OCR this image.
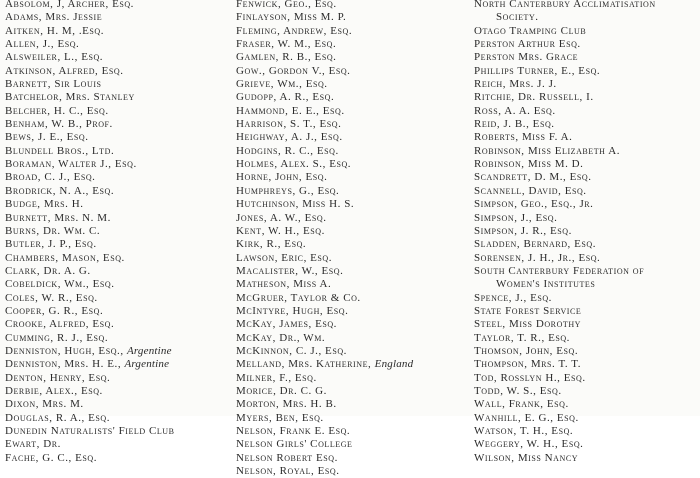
Absolom, J, Archer, Esq.
Adams, Mrs. Jessie
Aitken, H. M, .Esq.
Allen, J., Esq.
Alsweiler, L., Esq.
Atkinson, Alfred, Esq.
Barnett, Sir Louis
Batchelor, Mrs. Stanley
Belcher, H. C., Esq.
Benham, W. B., Prof.
Bews, J. E., Esq.
Blundell Bros., Ltd.
Boraman, Walter J., Esq.
Broad, C. J., Esq.
Brodrick, N. A., Esq.
Budge, Mrs. H.
Burnett, Mrs. N. M.
Burns, Dr. Wm. C.
Butler, J. P., Esq.
Chambers, Mason, Esq.
Clark, Dr. A. G.
Cobeldick, Wm., Esq.
Coles, W. R., Esq.
Cooper, G. R., Esq.
Crooke, Alfred, Esq.
Cumming, R. J., Esq.
Denniston, Hugh, Esq., Argentine
Denniston, Mrs. H. E., Argentine
Denton, Henry, Esq.
Derbie, Alex., Esq.
Dixon, Mrs. M.
Douglas, R. A., Esq.
Dunedin Naturalists' Field Club
Ewart, Dr.
Fache, G. C., Esq.
Fenwick, Geo., Esq.
Finlayson, Miss M. P.
Fleming, Andrew, Esq.
Fraser, W. M., Esq.
Gamlen, R. B., Esq.
Gow., Gordon V., Esq.
Grieve, Wm., Esq.
Gudopp, A. R., Esq.
Hammond, E. E., Esq.
Harrison, S. T., Esq.
Heighway, A. J., Esq.
Hodgins, R. C., Esq.
Holmes, Alex. S., Esq.
Horne, John, Esq.
Humphreys, G., Esq.
Hutchinson, Miss H. S.
Jones, A. W., Esq.
Kent, W. H., Esq.
Kirk, R., Esq.
Lawson, Eric, Esq.
Macalister, W., Esq.
Matheson, Miss A.
McGruer, Taylor & Co.
McIntyre, Hugh, Esq.
McKay, James, Esq.
McKay, Dr., Wm.
McKinnon, C. J., Esq.
Melland, Mrs. Katherine, England
Milner, F., Esq.
Morice, Dr. C. G.
Morton, Mrs. H. B.
Myers, Ben, Esq.
Nelson, Frank E. Esq.
Nelson Girls' College
Nelson Robert Esq.
Nelson, Royal, Esq.
North Canterbury Acclimatisation
Society.
Otago Tramping Club
Perston Arthur Esq.
Perston Mrs. Grace
Phillips Turner, E., Esq.
Reich, Mrs. J. J.
Ritchie, Dr. Russell, I.
Ross, A. A. Esq.
Reid, J. B., Esq.
Roberts, Miss F. A.
Robinson, Miss Elizabeth A.
Robinson, Miss M. D.
Scandrett, D. M., Esq.
Scannell, David, Esq.
Simpson, Geo., Esq., Jr.
Simpson, J., Esq.
Simpson, J. R., Esq.
Sladden, Bernard, Esq.
Sorensen, J. H., Jr., Esq.
South Canterbury Federation of
Women's Institutes
Spence, J., Esq.
State Forest Service
Steel, Miss Dorothy
Taylor, T. R., Esq.
Thomson, John, Esq.
Thompson, Mrs. T. T.
Tod, Rosslyn H., Esq.
Todd, W. S., Esq.
Wall, Frank, Esq.
Wanhill, E. G., Esq.
Watson, T. H., Esq.
Weggery, W. H., Esq.
Wilson, Miss Nancy
